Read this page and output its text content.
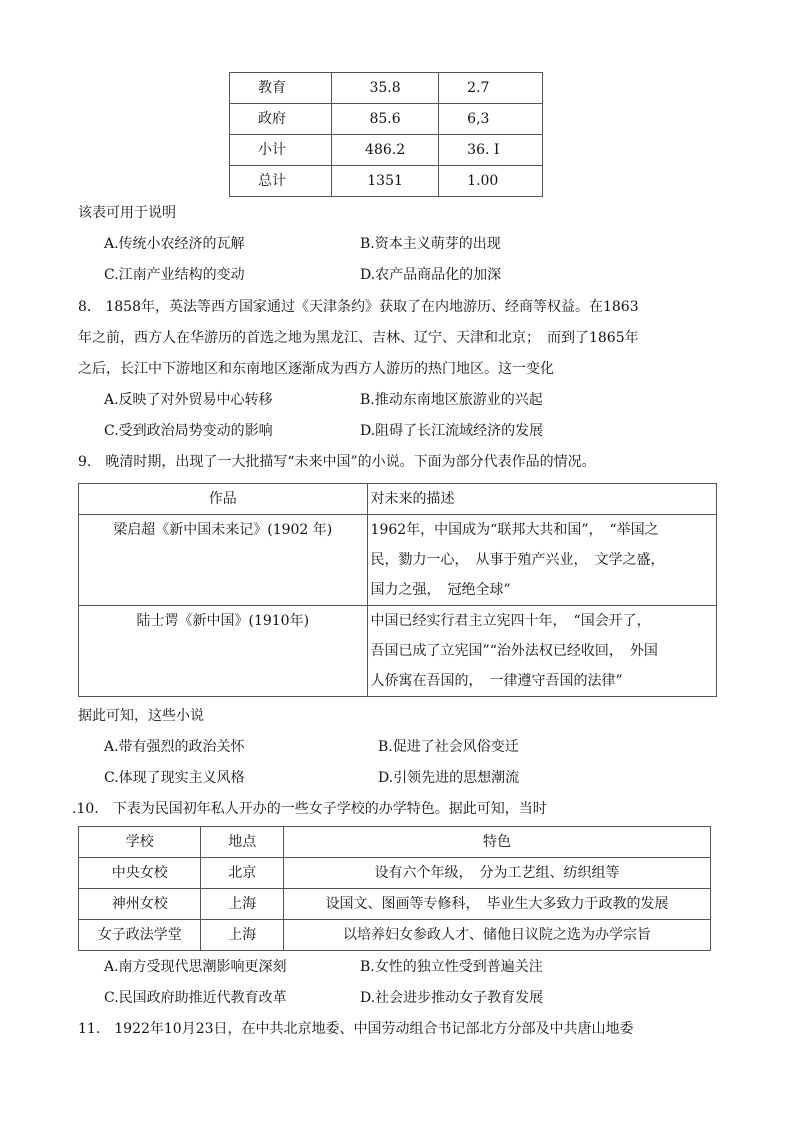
教育	35.8	2.7
政府	85.6	6,3
小计	486.2	36. I
总计	1351	1.00
该表可用于说明
A.传统小农经济的瓦解	B.资本主义萌芽的出现
C.江南产业结构的变动	D.农产品商品化的加深
8.　1858年，英法等西方国家通过《天津条约》获取了在内地游历、经商等权益。在1863
年之前，西方人在华游历的首选之地为黑龙江、吉林、辽宁、天津和北京；　而到了1865年
之后，长江中下游地区和东南地区逐渐成为西方人游历的热门地区。这一变化
A.反映了对外贸易中心转移	B.推动东南地区旅游业的兴起
C.受到政治局势变动的影响	D.阻碍了长江流域经济的发展
9.　晚清时期，出现了一大批描写“未来中国”的小说。下面为部分代表作品的情况。
作品	对未来的描述
梁启超《新中国未来记》(1902 年)	1962年，中国成为“联邦大共和国”，　“举国之
民，勠力一心，　从事于殖产兴业，　文学之盛，
国力之强，　冠绝全球”

陆士谔《新中国》(1910年)	中国已经实行君主立宪四十年，　“国会开了，
吾国已成了立宪国”“治外法权已经收回，　外国
人侨寓在吾国的，　一律遵守吾国的法律”
据此可知，这些小说
A.带有强烈的政治关怀	B.促进了社会风俗变迁
C.体现了现实主义风格	D.引领先进的思想潮流
.10.　下表为民国初年私人开办的一些女子学校的办学特色。据此可知，当时
学校	地点	特色
中央女校	北京	设有六个年级，　分为工艺组、纺织组等
神州女校	上海	设国文、图画等专修科，　毕业生大多致力于政教的发展
女子政法学堂	上海	以培养妇女参政人才、储他日议院之选为办学宗旨
A.南方受现代思潮影响更深刻	B.女性的独立性受到普遍关注
C.民国政府助推近代教育改革	D.社会进步推动女子教育发展
11.　1922年10月23日，在中共北京地委、中国劳动组合书记部北方分部及中共唐山地委
